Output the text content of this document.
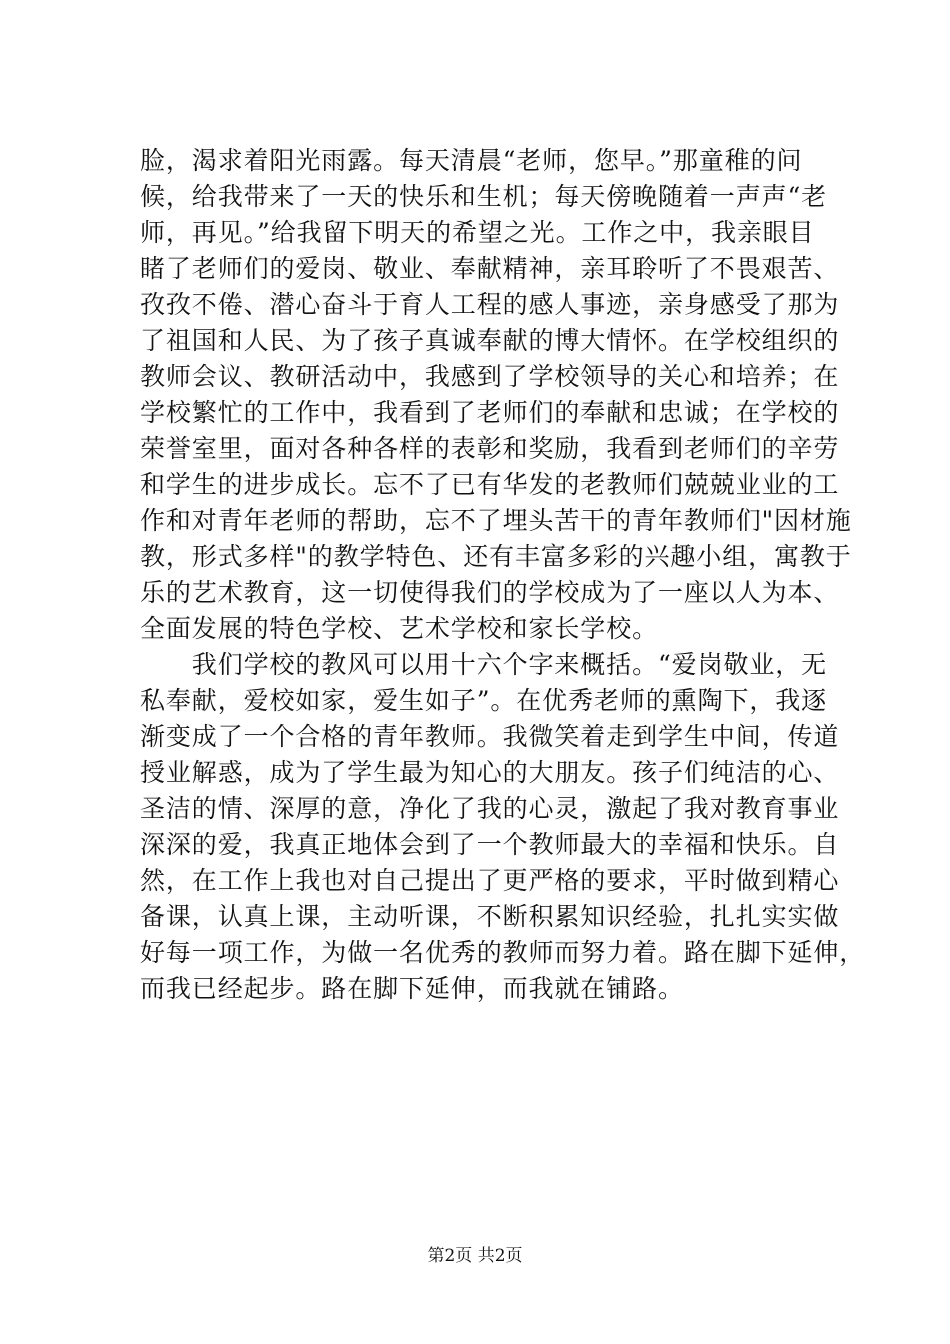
脸，渴求着阳光雨露。每天清晨“老师，您早。”那童稚的问
候，给我带来了一天的快乐和生机；每天傍晚随着一声声“老
师，再见。”给我留下明天的希望之光。工作之中，我亲眼目
睹了老师们的爱岗、敬业、奉献精神，亲耳聆听了不畏艰苦、
孜孜不倦、潜心奋斗于育人工程的感人事迹，亲身感受了那为
了祖国和人民、为了孩子真诚奉献的博大情怀。在学校组织的
教师会议、教研活动中，我感到了学校领导的关心和培养；在
学校繁忙的工作中，我看到了老师们的奉献和忠诚；在学校的
荣誉室里，面对各种各样的表彰和奖励，我看到老师们的辛劳
和学生的进步成长。忘不了已有华发的老教师们兢兢业业的工
作和对青年老师的帮助，忘不了埋头苦干的青年教师们"因材施
教，形式多样"的教学特色、还有丰富多彩的兴趣小组，寓教于
乐的艺术教育，这一切使得我们的学校成为了一座以人为本、
全面发展的特色学校、艺术学校和家长学校。
　　我们学校的教风可以用十六个字来概括。“爱岗敬业，无
私奉献，爱校如家，爱生如子”。在优秀老师的熏陶下，我逐
渐变成了一个合格的青年教师。我微笑着走到学生中间，传道
授业解惑，成为了学生最为知心的大朋友。孩子们纯洁的心、
圣洁的情、深厚的意，净化了我的心灵，激起了我对教育事业
深深的爱，我真正地体会到了一个教师最大的幸福和快乐。自
然，在工作上我也对自己提出了更严格的要求，平时做到精心
备课，认真上课，主动听课，不断积累知识经验，扎扎实实做
好每一项工作，为做一名优秀的教师而努力着。路在脚下延伸，
而我已经起步。路在脚下延伸，而我就在铺路。
第2页 共2页
